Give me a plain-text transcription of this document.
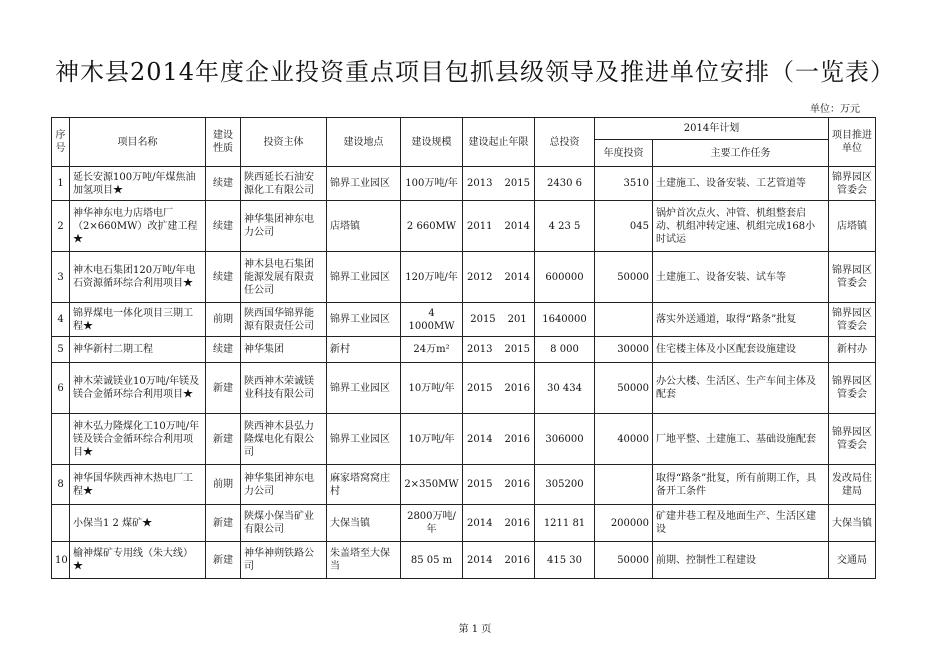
神木县2014年度企业投资重点项目包抓县级领导及推进单位安排（一览表）
单位：万元
序号	项目名称	建设性质	投资主体	建设地点	建设规模	建设起止年限	总投资	2014年计划		项目推进单位
								年度投资	主要工作任务	
1	延长安源100万吨/年煤焦油加氢项目★	续建	陕西延长石油安源化工有限公司	锦界工业园区	100万吨/年	2013 2015	2430 6	3510	土建施工、设备安装、工艺管道等	锦界园区管委会
2	神华神东电力店塔电厂（2×660MW）改扩建工程★	续建	神华集团神东电力公司	店塔镇	2 660MW	2011 2014	4 23 5	045	锅炉首次点火、冲管、机组整套启动、机组冲转定速、机组完成168小时试运	店塔镇
3	神木电石集团120万吨/年电石资源循环综合利用项目★	续建	神木县电石集团能源发展有限责任公司	锦界工业园区	120万吨/年	2012 2014	600000	50000	土建施工、设备安装、试车等	锦界园区管委会
4	锦界煤电一体化项目三期工程★	前期	陕西国华锦界能源有限责任公司	锦界工业园区	4 1000MW	2015 201	1640000		落实外送通道，取得“路条”批复	锦界园区管委会
5	神华新村二期工程	续建	神华集团	新村	24万m²	2013 2015	8 000	30000	住宅楼主体及小区配套设施建设	新村办
6	神木荣诚镁业10万吨/年镁及镁合金循环综合利用项目★	新建	陕西神木荣诚镁业科技有限公司	锦界工业园区	10万吨/年	2015 2016	30 434	50000	办公大楼、生活区、生产车间主体及配套	锦界园区管委会
	神木弘力隆煤化工10万吨/年镁及镁合金循环综合利用项目★	新建	陕西神木县弘力隆煤电化有限公司	锦界工业园区	10万吨/年	2014 2016	306000	40000	厂地平整、土建施工、基础设施配套	锦界园区管委会
8	神华国华陕西神木热电厂工程★	前期	神华集团神东电力公司	麻家塔窝窝庄村	2×350MW	2015 2016	305200		取得“路条”批复，所有前期工作，具备开工条件	发改局住建局
	小保当1 2 煤矿★	新建	陕煤小保当矿业有限公司	大保当镇	2800万吨/年	2014 2016	1211 81	200000	矿建井巷工程及地面生产、生活区建设	大保当镇
10	榆神煤矿专用线（朱大线）★	新建	神华神朔铁路公司	朱盖塔至大保当	85 05 m	2014 2016	415 30	50000	前期、控制性工程建设	交通局
第 1 页
